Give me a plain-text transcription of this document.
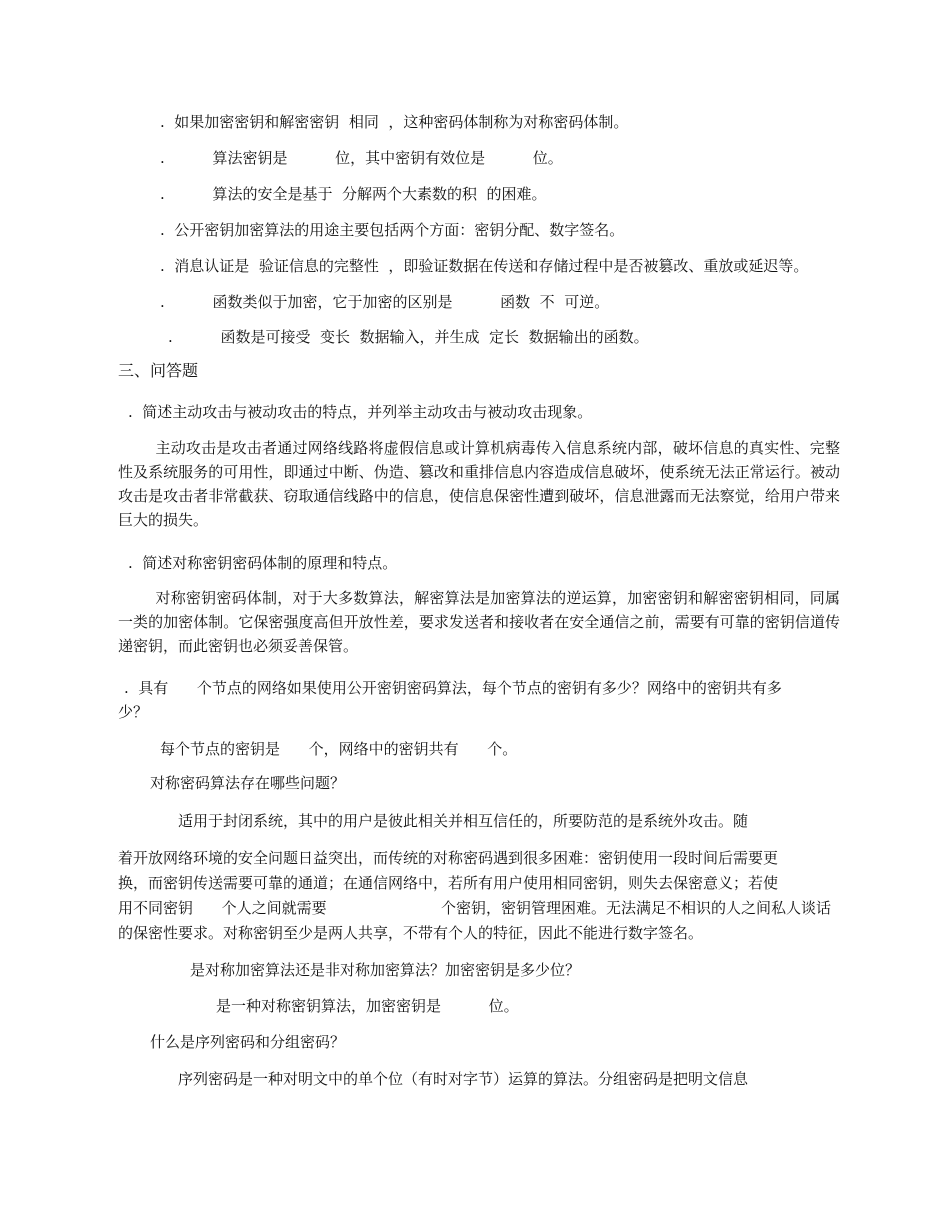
.  如果加密密钥和解密密钥  相同  ，这种密码体制称为对称密码体制。
.          算法密钥是          位，其中密钥有效位是          位。
.          算法的安全是基于  分解两个大素数的积  的困难。
.  公开密钥加密算法的用途主要包括两个方面：密钥分配、数字签名。
.  消息认证是  验证信息的完整性  ，即验证数据在传送和存储过程中是否被篡改、重放或延迟等。
.          函数类似于加密，它于加密的区别是          函数  不  可逆。
.          函数是可接受  变长  数据输入，并生成  定长  数据输出的函数。
三、问答题
.  简述主动攻击与被动攻击的特点，并列举主动攻击与被动攻击现象。
主动攻击是攻击者通过网络线路将虚假信息或计算机病毒传入信息系统内部，破坏信息的真实性、完整性及系统服务的可用性，即通过中断、伪造、篡改和重排信息内容造成信息破坏，使系统无法正常运行。被动攻击是攻击者非常截获、窃取通信线路中的信息，使信息保密性遭到破坏，信息泄露而无法察觉，给用户带来巨大的损失。
.  简述对称密钥密码体制的原理和特点。
对称密钥密码体制，对于大多数算法，解密算法是加密算法的逆运算，加密密钥和解密密钥相同，同属一类的加密体制。它保密强度高但开放性差，要求发送者和接收者在安全通信之前，需要有可靠的密钥信道传递密钥，而此密钥也必须妥善保管。
.  具有      个节点的网络如果使用公开密钥密码算法，每个节点的密钥有多少？网络中的密钥共有多
少？
每个节点的密钥是      个，网络中的密钥共有      个。
对称密码算法存在哪些问题？
适用于封闭系统，其中的用户是彼此相关并相互信任的，所要防范的是系统外攻击。随
着开放网络环境的安全问题日益突出，而传统的对称密码遇到很多困难：密钥使用一段时间后需要更
换，而密钥传送需要可靠的通道；在通信网络中，若所有用户使用相同密钥，则失去保密意义；若使
用不同密钥      个人之间就需要                        个密钥，密钥管理困难。无法满足不相识的人之间私人谈话
的保密性要求。对称密钥至少是两人共享，不带有个人的特征，因此不能进行数字签名。
是对称加密算法还是非对称加密算法？加密密钥是多少位？
是一种对称密钥算法，加密密钥是          位。
什么是序列密码和分组密码？
序列密码是一种对明文中的单个位（有时对字节）运算的算法。分组密码是把明文信息
